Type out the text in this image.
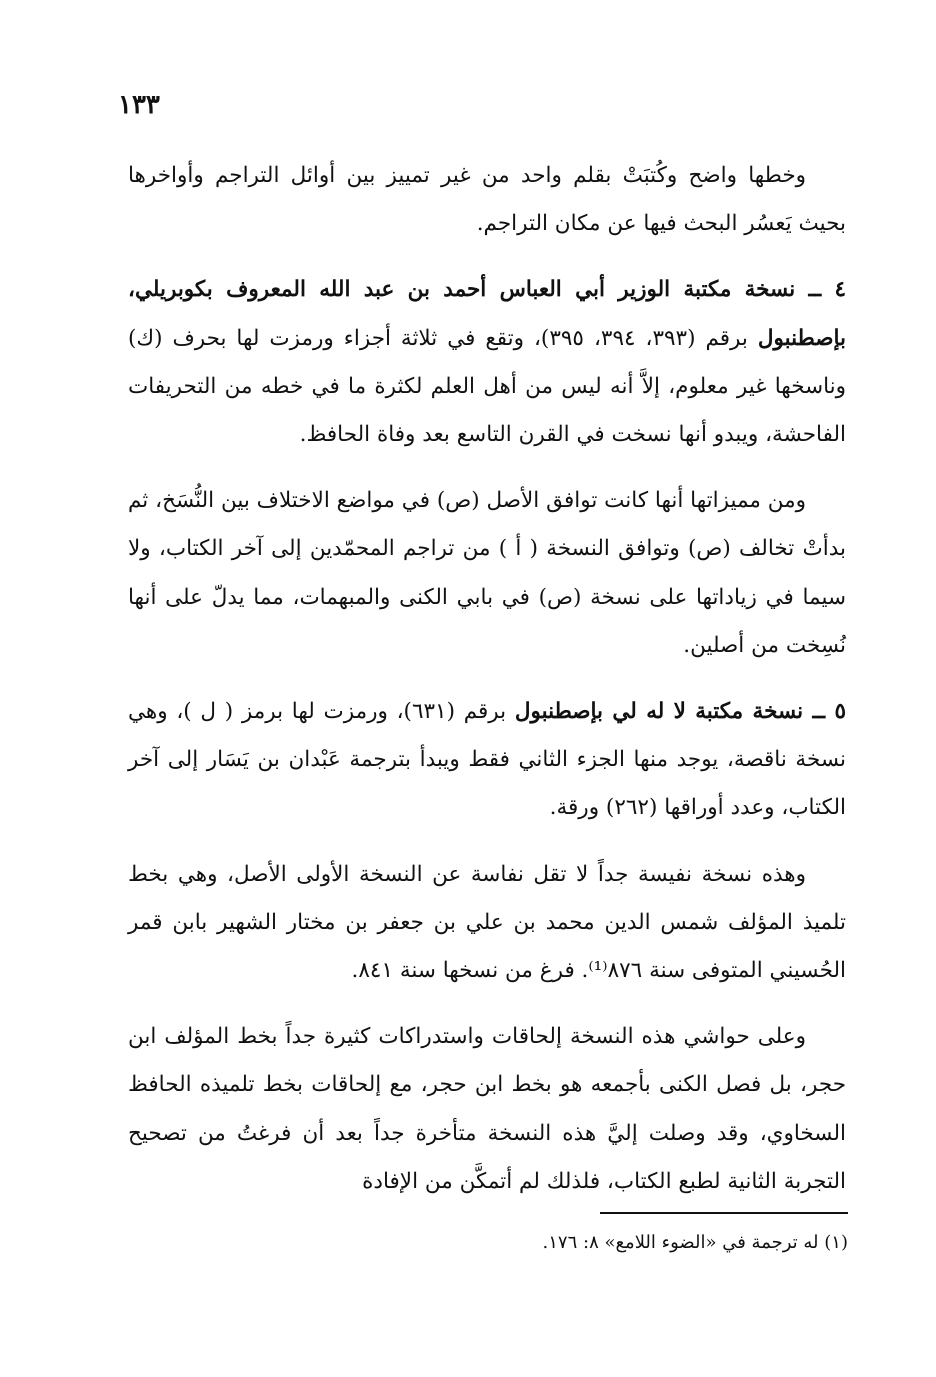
١٣٣

وخطها واضح وكُتبَتْ بقلم واحد من غير تمييز بين أوائل التراجم وأواخرها بحيث يَعسُر البحث فيها عن مكان التراجم.

٤ ــ نسخة مكتبة الوزير أبي العباس أحمد بن عبد الله المعروف بكوبريلي، بإصطنبول برقم (٣٩٣، ٣٩٤، ٣٩٥)، وتقع في ثلاثة أجزاء ورمزت لها بحرف (ك) وناسخها غير معلوم، إلاَّ أنه ليس من أهل العلم لكثرة ما في خطه من التحريفات الفاحشة، ويبدو أنها نسخت في القرن التاسع بعد وفاة الحافظ.

ومن مميزاتها أنها كانت توافق الأصل (ص) في مواضع الاختلاف بين النُّسَخ، ثم بدأتْ تخالف (ص) وتوافق النسخة ( أ ) من تراجم المحمّدين إلى آخر الكتاب، ولا سيما في زياداتها على نسخة (ص) في بابي الكنى والمبهمات، مما يدلّ على أنها نُسِخت من أصلين.

٥ ــ نسخة مكتبة لا له لي بإصطنبول برقم (٦٣١)، ورمزت لها برمز ( ل )، وهي نسخة ناقصة، يوجد منها الجزء الثاني فقط ويبدأ بترجمة عَبْدان بن يَسَار إلى آخر الكتاب، وعدد أوراقها (٢٦٢) ورقة.

وهذه نسخة نفيسة جداً لا تقل نفاسة عن النسخة الأولى الأصل، وهي بخط تلميذ المؤلف شمس الدين محمد بن علي بن جعفر بن مختار الشهير بابن قمر الحُسيني المتوفى سنة ٨٧٦⁽¹⁾. فرغ من نسخها سنة ٨٤١.

وعلى حواشي هذه النسخة إلحاقات واستدراكات كثيرة جداً بخط المؤلف ابن حجر، بل فصل الكنى بأجمعه هو بخط ابن حجر، مع إلحاقات بخط تلميذه الحافظ السخاوي، وقد وصلت إليَّ هذه النسخة متأخرة جداً بعد أن فرغتُ من تصحيح التجربة الثانية لطبع الكتاب، فلذلك لم أتمكَّن من الإفادة

(١) له ترجمة في «الضوء اللامع» ٨: ١٧٦.
